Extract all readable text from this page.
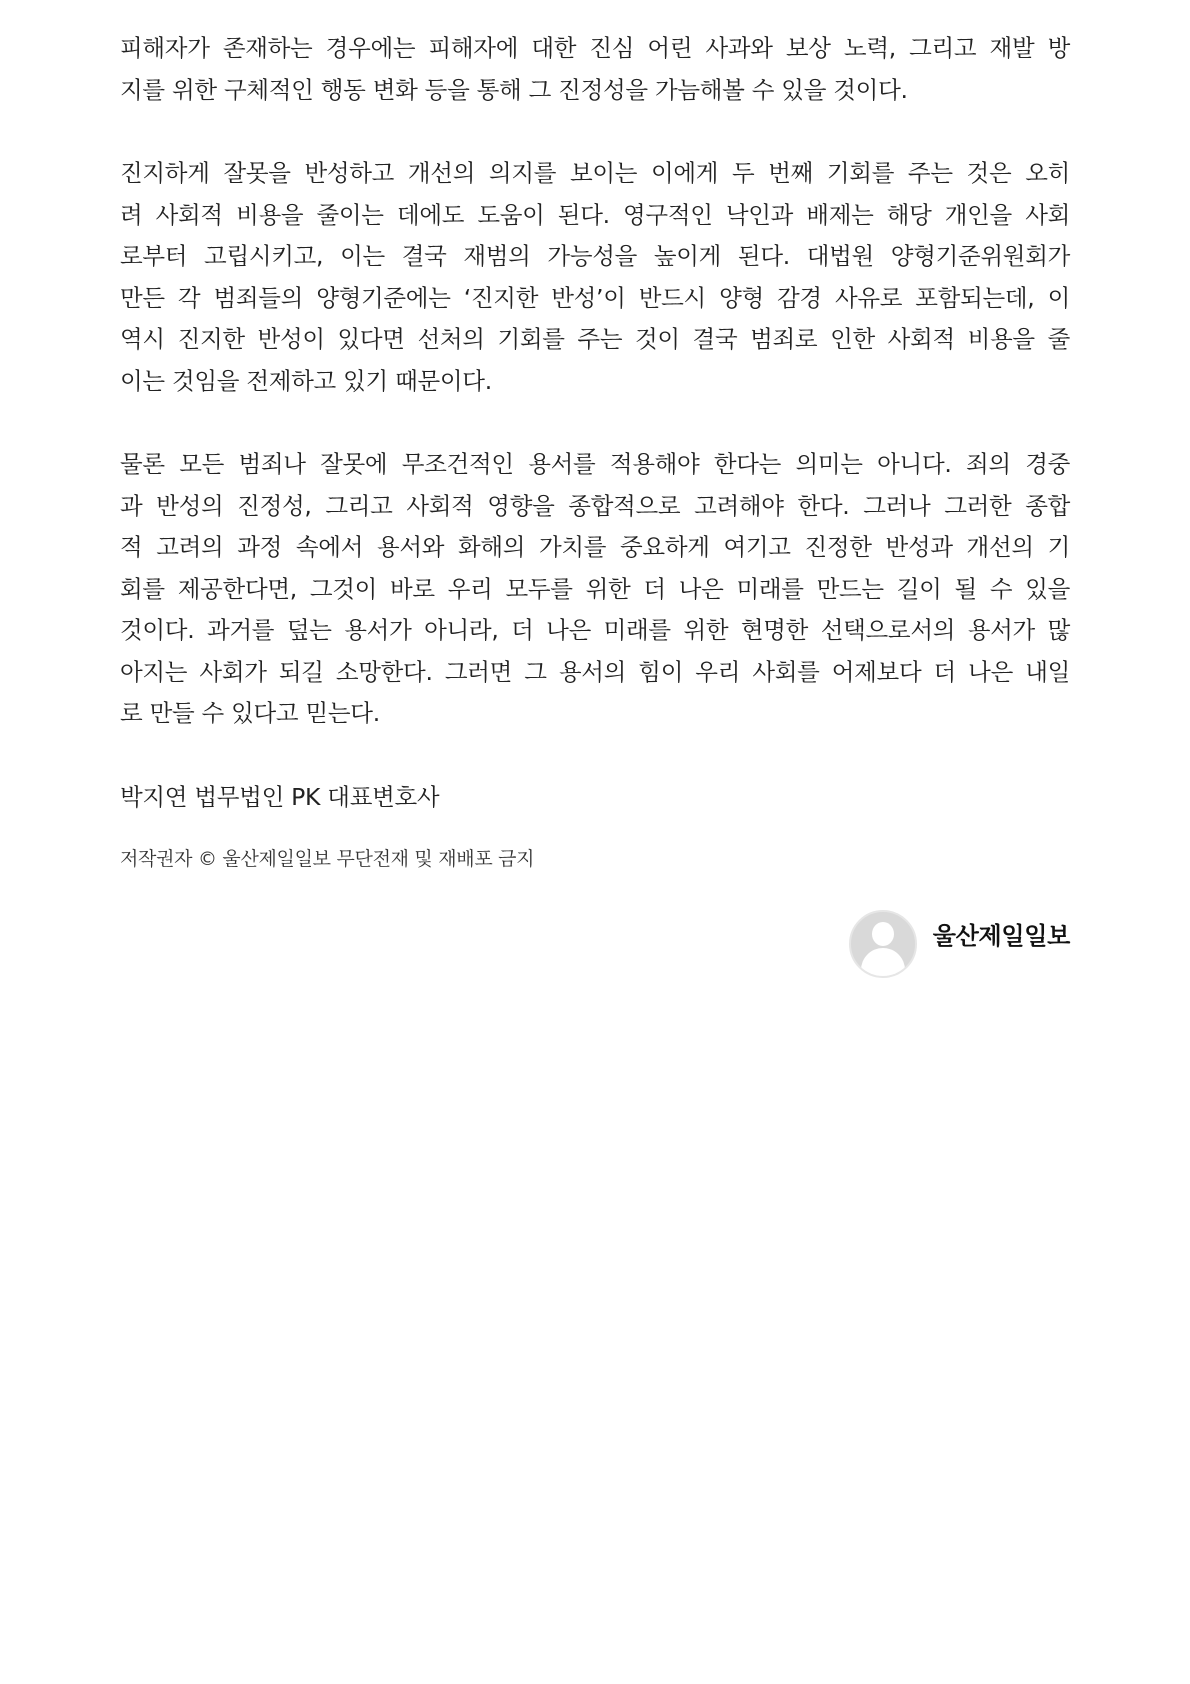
피해자가 존재하는 경우에는 피해자에 대한 진심 어린 사과와 보상 노력, 그리고 재발 방
지를 위한 구체적인 행동 변화 등을 통해 그 진정성을 가늠해볼 수 있을 것이다.

진지하게 잘못을 반성하고 개선의 의지를 보이는 이에게 두 번째 기회를 주는 것은 오히
려 사회적 비용을 줄이는 데에도 도움이 된다. 영구적인 낙인과 배제는 해당 개인을 사회
로부터 고립시키고, 이는 결국 재범의 가능성을 높이게 된다. 대법원 양형기준위원회가
만든 각 범죄들의 양형기준에는 ‘진지한 반성’이 반드시 양형 감경 사유로 포함되는데, 이
역시 진지한 반성이 있다면 선처의 기회를 주는 것이 결국 범죄로 인한 사회적 비용을 줄
이는 것임을 전제하고 있기 때문이다.

물론 모든 범죄나 잘못에 무조건적인 용서를 적용해야 한다는 의미는 아니다. 죄의 경중
과 반성의 진정성, 그리고 사회적 영향을 종합적으로 고려해야 한다. 그러나 그러한 종합
적 고려의 과정 속에서 용서와 화해의 가치를 중요하게 여기고 진정한 반성과 개선의 기
회를 제공한다면, 그것이 바로 우리 모두를 위한 더 나은 미래를 만드는 길이 될 수 있을
것이다. 과거를 덮는 용서가 아니라, 더 나은 미래를 위한 현명한 선택으로서의 용서가 많
아지는 사회가 되길 소망한다. 그러면 그 용서의 힘이 우리 사회를 어제보다 더 나은 내일
로 만들 수 있다고 믿는다.

박지연 법무법인 PK 대표변호사
저작권자 © 울산제일일보 무단전재 및 재배포 금지
울산제일일보
